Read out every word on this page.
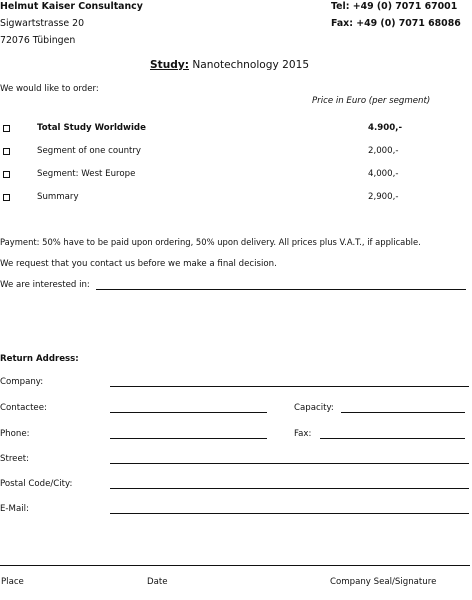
Helmut Kaiser Consultancy
Sigwartstrasse 20
72076 Tübingen
Tel: +49 (0) 7071 67001
Fax: +49 (0) 7071 68086
Study: Nanotechnology 2015
We would like to order:
Price in Euro (per segment)
Total Study Worldwide	4.900,-
Segment of one country	2,000,-
Segment: West Europe	4,000,-
Summary	2,900,-
Payment: 50% have to be paid upon ordering, 50% upon delivery. All prices plus V.A.T., if applicable.
We request that you contact us before we make a final decision.
We are interested in:
Return Address:
Company:
Contactee:	Capacity:
Phone:	Fax:
Street:
Postal Code/City:
E-Mail:
Place	Date	Company Seal/Signature
